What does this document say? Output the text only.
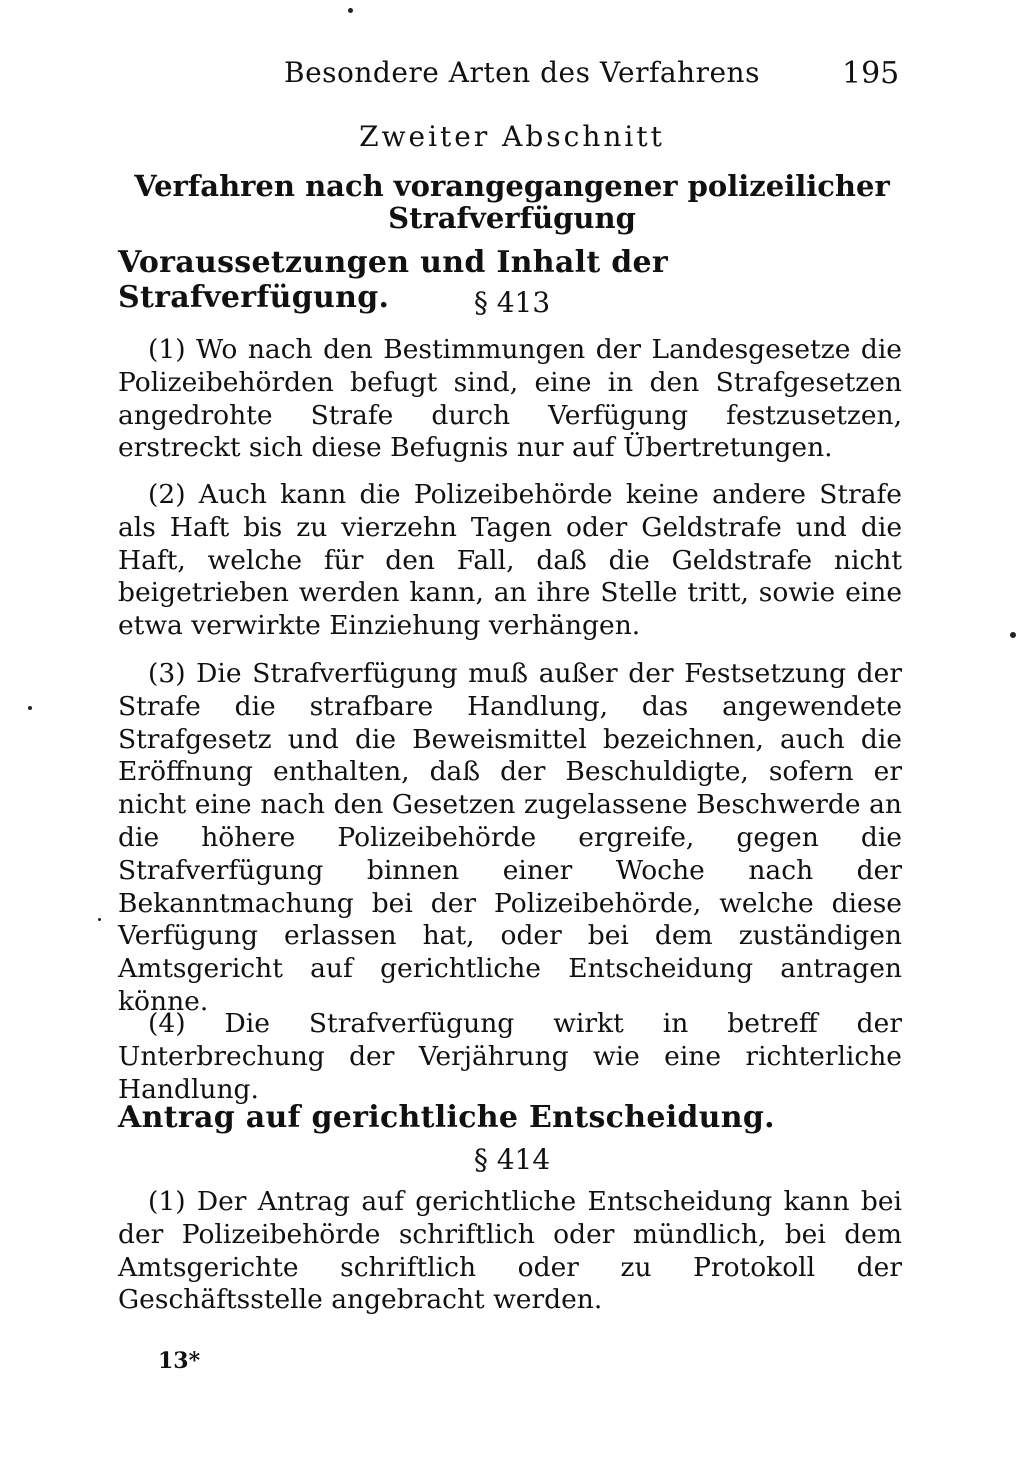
Besondere Arten des Verfahrens	195
Zweiter Abschnitt
Verfahren nach vorangegangener polizeilicher
Strafverfügung
Voraussetzungen und Inhalt der Strafverfügung.	§ 413

(1) Wo nach den Bestimmungen der Landesgesetze die Polizeibehörden befugt sind, eine in den Strafgesetzen angedrohte Strafe durch Verfügung festzusetzen, erstreckt sich diese Befugnis nur auf Übertretungen.

(2) Auch kann die Polizeibehörde keine andere Strafe als Haft bis zu vierzehn Tagen oder Geldstrafe und die Haft, welche für den Fall, daß die Geldstrafe nicht beigetrieben werden kann, an ihre Stelle tritt, sowie eine etwa verwirkte Einziehung verhängen.

(3) Die Strafverfügung muß außer der Festsetzung der Strafe die strafbare Handlung, das angewendete Strafgesetz und die Beweismittel bezeichnen, auch die Eröffnung enthalten, daß der Beschuldigte, sofern er nicht eine nach den Gesetzen zugelassene Beschwerde an die höhere Polizeibehörde ergreife, gegen die Strafverfügung binnen einer Woche nach der Bekanntmachung bei der Polizeibehörde, welche diese Verfügung erlassen hat, oder bei dem zuständigen Amtsgericht auf gerichtliche Entscheidung antragen könne.

(4) Die Strafverfügung wirkt in betreff der Unterbrechung der Verjährung wie eine richterliche Handlung.

Antrag auf gerichtliche Entscheidung.
§ 414

(1) Der Antrag auf gerichtliche Entscheidung kann bei der Polizeibehörde schriftlich oder mündlich, bei dem Amtsgerichte schriftlich oder zu Protokoll der Geschäftsstelle angebracht werden.

13*
